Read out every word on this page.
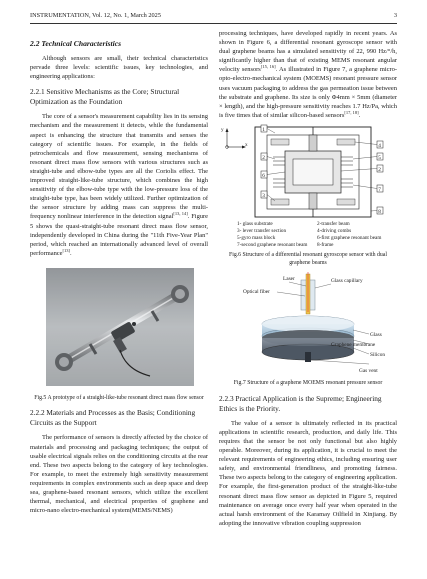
INSTRUMENTATION, Vol. 12, No. 1, March 2025	3
2.2 Technical Characteristics

Although sensors are small, their technical characteristics pervade three levels: scientific issues, key technologies, and engineering applications:

2.2.1 Sensitive Mechanisms as the Core; Structural Optimization as the Foundation

The core of a sensor's measurement capability lies in its sensing mechanism and the measurement it detects, while the fundamental aspect is enhancing the structure that transmits and senses the category of scientific issues. For example, in the fields of petrochemicals and flow measurement, sensing mechanisms of resonant direct mass flow sensors with various structures such as straight-tube and elbow-tube types are all the Coriolis effect. The improved straight-like-tube structure, which combines the high sensitivity of the elbow-tube type with the low-pressure loss of the straight-tube type, has been widely utilized. Further optimization of the sensor structure by adding mass can suppress the multi-frequency nonlinear interference in the detection signal[13, 14]. Figure 5 shows the quasi-straight-tube resonant direct mass flow sensor, independently developed in China during the "11th Five-Year Plan" period, which reached an internationally advanced level of overall performance[13].

Fig.5 A prototype of a straight-like-tube resonant direct mass flow sensor
2.2.2 Materials and Processes as the Basis; Conditioning Circuits as the Support

The performance of sensors is directly affected by the choice of materials and processing and packaging techniques; the output of usable electrical signals relies on the conditioning circuits at the rear end. These two aspects belong to the category of key technologies. For example, to meet the extremely high sensitivity measurement requirements in complex environments such as deep space and deep sea, graphene-based resonant sensors, which utilize the excellent thermal, mechanical, and electrical properties of graphene and micro-nano electro-mechanical system(MEMS/NEMS)

processing techniques, have developed rapidly in recent years. As shown in Figure 6, a differential resonant gyroscope sensor with dual graphene beams has a simulated sensitivity of 22, 990 Hz/°/h, significantly higher than that of existing MEMS resonant angular velocity sensors[15, 16]. As illustrated in Figure 7, a graphene micro-opto-electro-mechanical system (MOEMS) resonant pressure sensor uses vacuum packaging to address the gas permeation issue between the substrate and graphene. Its size is only Φ4mm × 5mm (diameter × length), and the high-pressure sensitivity reaches 1.7 Hz/Pa, which is five times that of similar silicon-based sensors[17, 18].

y
x
1
2
6
3
4
5
2
7
8
1- glass substrate	2-transfer beam
3- lever transfer section	4-driving combs
5-gyro mass block	6-first graphene resonant beam
7-second graphene resonant beam	8-frame
Fig.6 Structure of a differential resonant gyroscope sensor with dual graphene beams
Laser
Optical fiber
Glass capillary
Glass
Graphene membrane
Silicon
Gas vent
Fig.7 Structure of a graphene MOEMS resonant pressure sensor
2.2.3 Practical Application is the Supreme; Engineering Ethics is the Priority.

The value of a sensor is ultimately reflected in its practical applications in scientific research, production, and daily life. This requires that the sensor be not only functional but also highly operable. Moreover, during its application, it is crucial to meet the relevant requirements of engineering ethics, including ensuring user safety, and environmental friendliness, and promoting fairness. These two aspects belong to the category of engineering application. For example, the first-generation product of the straight-like-tube resonant direct mass flow sensor as depicted in Figure 5, required maintenance on average once every half year when operated in the actual harsh environment of the Karamay Oilfield in Xinjiang. By adopting the innovative vibration coupling suppression
